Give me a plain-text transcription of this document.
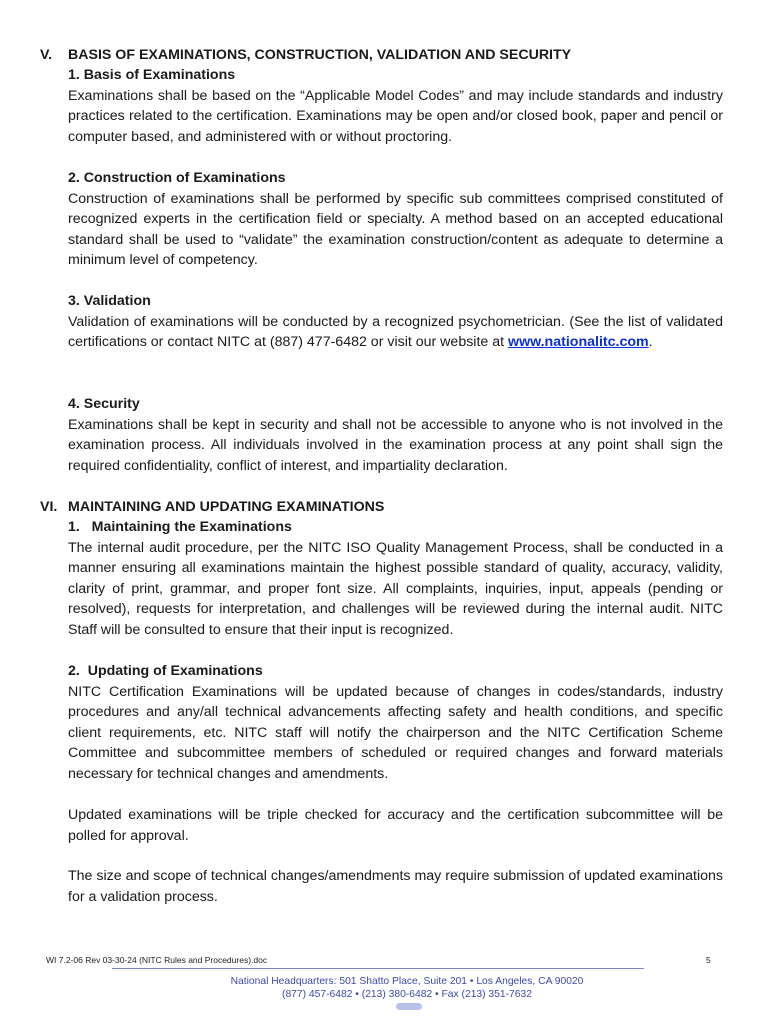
V. BASIS OF EXAMINATIONS, CONSTRUCTION, VALIDATION AND SECURITY
1. Basis of Examinations
Examinations shall be based on the “Applicable Model Codes” and may include standards and industry practices related to the certification. Examinations may be open and/or closed book, paper and pencil or computer based, and administered with or without proctoring.
2. Construction of Examinations
Construction of examinations shall be performed by specific sub committees comprised constituted of recognized experts in the certification field or specialty. A method based on an accepted educational standard shall be used to “validate” the examination construction/content as adequate to determine a minimum level of competency.
3. Validation
Validation of examinations will be conducted by a recognized psychometrician. (See the list of validated certifications or contact NITC at (887) 477-6482 or visit our website at www.nationalitc.com.
4. Security
Examinations shall be kept in security and shall not be accessible to anyone who is not involved in the examination process. All individuals involved in the examination process at any point shall sign the required confidentiality, conflict of interest, and impartiality declaration.
VI. MAINTAINING AND UPDATING EXAMINATIONS
1.   Maintaining the Examinations
The internal audit procedure, per the NITC ISO Quality Management Process, shall be conducted in a manner ensuring all examinations maintain the highest possible standard of quality, accuracy, validity, clarity of print, grammar, and proper font size. All complaints, inquiries, input, appeals (pending or resolved), requests for interpretation, and challenges will be reviewed during the internal audit. NITC Staff will be consulted to ensure that their input is recognized.
2.  Updating of Examinations
NITC Certification Examinations will be updated because of changes in codes/standards, industry procedures and any/all technical advancements affecting safety and health conditions, and specific client requirements, etc. NITC staff will notify the chairperson and the NITC Certification Scheme Committee and subcommittee members of scheduled or required changes and forward materials necessary for technical changes and amendments.
Updated examinations will be triple checked for accuracy and the certification subcommittee will be polled for approval.
The size and scope of technical changes/amendments may require submission of updated examinations for a validation process.
WI 7.2-06 Rev 03-30-24 (NITC Rules and Procedures).doc	5
National Headquarters: 501 Shatto Place, Suite 201 • Los Angeles, CA 90020
(877) 457-6482 • (213) 380-6482 • Fax (213) 351-7632
